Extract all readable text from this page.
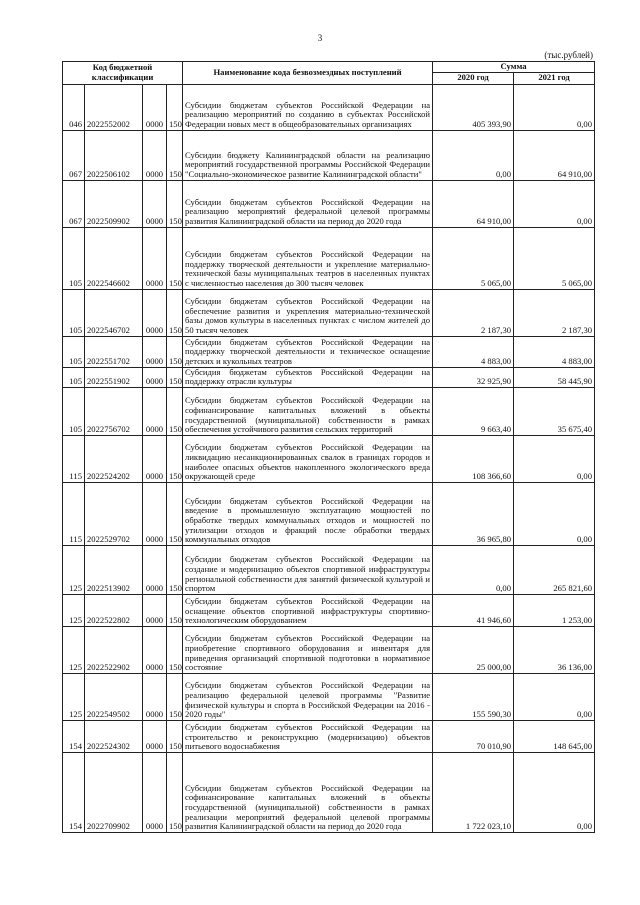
3
(тыс.рублей)
Код бюджетной классификации				Наименование кода безвозмездных поступлений	Сумма	
					2020 год	2021 год
046	2022552002	0000	150	Субсидии бюджетам субъектов Российской Федерации на реализацию мероприятий по созданию в субъектах Российской Федерации новых мест в общеобразовательных организациях	405 393,90	0,00
067	2022506102	0000	150	Субсидии бюджету Калининградской области на реализацию мероприятий государственной программы Российской Федерации "Социально-экономическое развитие Калининградской области"	0,00	64 910,00
067	2022509902	0000	150	Субсидии бюджетам субъектов Российской Федерации на реализацию мероприятий федеральной целевой программы развития Калининградской области на период до 2020 года	64 910,00	0,00
105	2022546602	0000	150	Субсидии бюджетам субъектов Российской Федерации на поддержку творческой деятельности и укрепление материально-технической базы муниципальных театров в населенных пунктах с численностью населения до 300 тысяч человек	5 065,00	5 065,00
105	2022546702	0000	150	Субсидии бюджетам субъектов Российской Федерации на обеспечение развития и укрепления материально-технической базы домов культуры в населенных пунктах с числом жителей до 50 тысяч человек	2 187,30	2 187,30
105	2022551702	0000	150	Субсидии бюджетам субъектов Российской Федерации на поддержку творческой деятельности и техническое оснащение детских и кукольных театров	4 883,00	4 883,00
105	2022551902	0000	150	Субсидия бюджетам субъектов Российской Федерации на поддержку отрасли культуры	32 925,90	58 445,90
105	2022756702	0000	150	Субсидии бюджетам субъектов Российской Федерации на софинансирование капитальных вложений в объекты государственной (муниципальной) собственности в рамках обеспечения устойчивого развития сельских территорий	9 663,40	35 675,40
115	2022524202	0000	150	Субсидии бюджетам субъектов Российской Федерации на ликвидацию несанкционированных свалок в границах городов и наиболее опасных объектов накопленного экологического вреда окружающей среде	108 366,60	0,00
115	2022529702	0000	150	Субсидии бюджетам субъектов Российской Федерации на введение в промышленную эксплуатацию мощностей по обработке твердых коммунальных отходов и мощностей по утилизации отходов и фракций после обработки твердых коммунальных отходов	36 965,80	0,00
125	2022513902	0000	150	Субсидии бюджетам субъектов Российской Федерации на создание и модернизацию объектов спортивной инфраструктуры региональной собственности для занятий физической культурой и спортом	0,00	265 821,60
125	2022522802	0000	150	Субсидии бюджетам субъектов Российской Федерации на оснащение объектов спортивной инфраструктуры спортивно-технологическим оборудованием	41 946,60	1 253,00
125	2022522902	0000	150	Субсидии бюджетам субъектов Российской Федерации на приобретение спортивного оборудования и инвентаря для приведения организаций спортивной подготовки в нормативное состояние	25 000,00	36 136,00
125	2022549502	0000	150	Субсидии бюджетам субъектов Российской Федерации на реализацию федеральной целевой программы "Развитие физической культуры и спорта в Российской Федерации на 2016 - 2020 годы"	155 590,30	0,00
154	2022524302	0000	150	Субсидии бюджетам субъектов Российской Федерации на строительство и реконструкцию (модернизацию) объектов питьевого водоснабжения	70 010,90	148 645,00
154	2022709902	0000	150	Субсидии бюджетам субъектов Российской Федерации на софинансирование капитальных вложений в объекты государственной (муниципальной) собственности в рамках реализации мероприятий федеральной целевой программы развития Калининградской области на период до 2020 года	1 722 023,10	0,00
